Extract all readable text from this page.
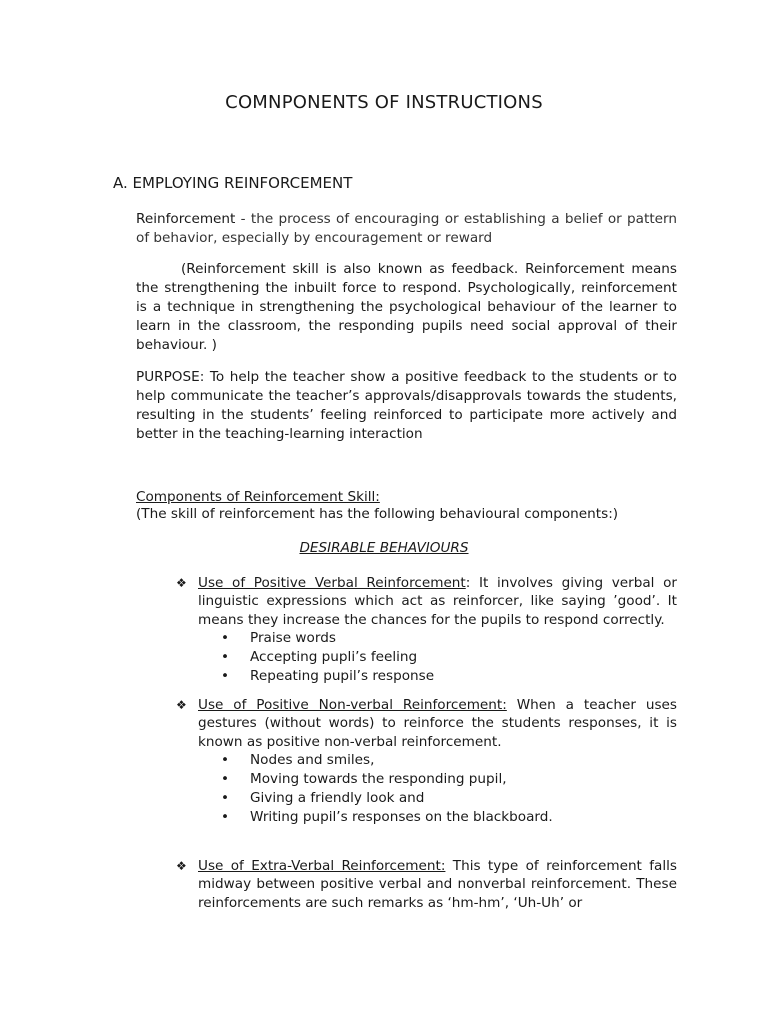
COMNPONENTS OF INSTRUCTIONS
A. EMPLOYING REINFORCEMENT
Reinforcement - the process of encouraging or establishing a belief or pattern of behavior, especially by encouragement or reward
(Reinforcement skill is also known as feedback. Reinforcement means the strengthening the inbuilt force to respond. Psychologically, reinforcement is a technique in strengthening the psychological behaviour of the learner to learn in the classroom, the responding pupils need social approval of their behaviour. )
PURPOSE: To help the teacher show a positive feedback to the students or to help communicate the teacher’s approvals/disapprovals towards the students, resulting in the students’ feeling reinforced to participate more actively and better in the teaching-learning interaction
Components of Reinforcement Skill:
(The skill of reinforcement has the following behavioural components:)
DESIRABLE BEHAVIOURS
❖ Use of Positive Verbal Reinforcement: It involves giving verbal or linguistic expressions which act as reinforcer, like saying ’good’. It means they increase the chances for the pupils to respond correctly.
• Praise words
• Accepting pupli’s feeling
• Repeating pupil’s response
❖ Use of Positive Non-verbal Reinforcement: When a teacher uses gestures (without words) to reinforce the students responses, it is known as positive non-verbal reinforcement.
• Nodes and smiles,
• Moving towards the responding pupil,
• Giving a friendly look and
• Writing pupil’s responses on the blackboard.
❖ Use of Extra-Verbal Reinforcement: This type of reinforcement falls midway between positive verbal and nonverbal reinforcement. These reinforcements are such remarks as ‘hm-hm’, ‘Uh-Uh’ or
